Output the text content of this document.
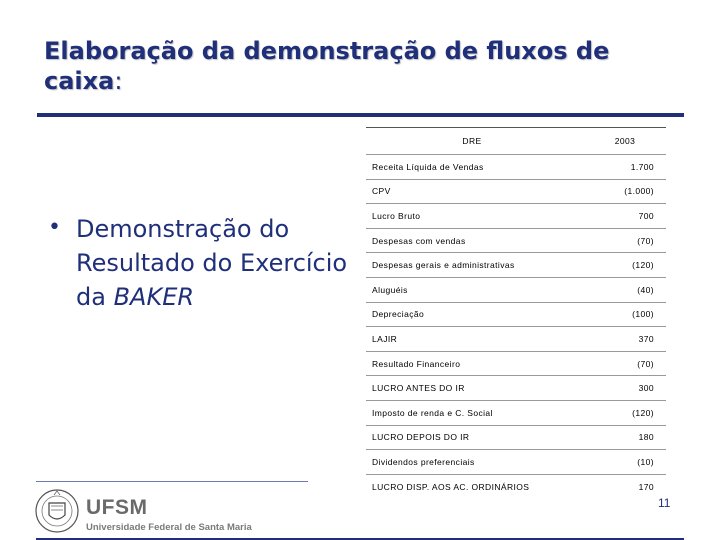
Elaboração da demonstração de fluxos de caixa:
• Demonstração do Resultado do Exercício da BAKER
DRE	2003
Receita Líquida de Vendas	1.700
CPV	(1.000)
Lucro Bruto	700
Despesas com vendas	(70)
Despesas gerais e administrativas	(120)
Aluguéis	(40)
Depreciação	(100)
LAJIR	370
Resultado Financeiro	(70)
LUCRO ANTES DO IR	300
Imposto de renda e C. Social	(120)
LUCRO DEPOIS DO IR	180
Dividendos preferenciais	(10)
LUCRO DISP. AOS AC. ORDINÁRIOS	170
UFSM
Universidade Federal de Santa Maria
11
